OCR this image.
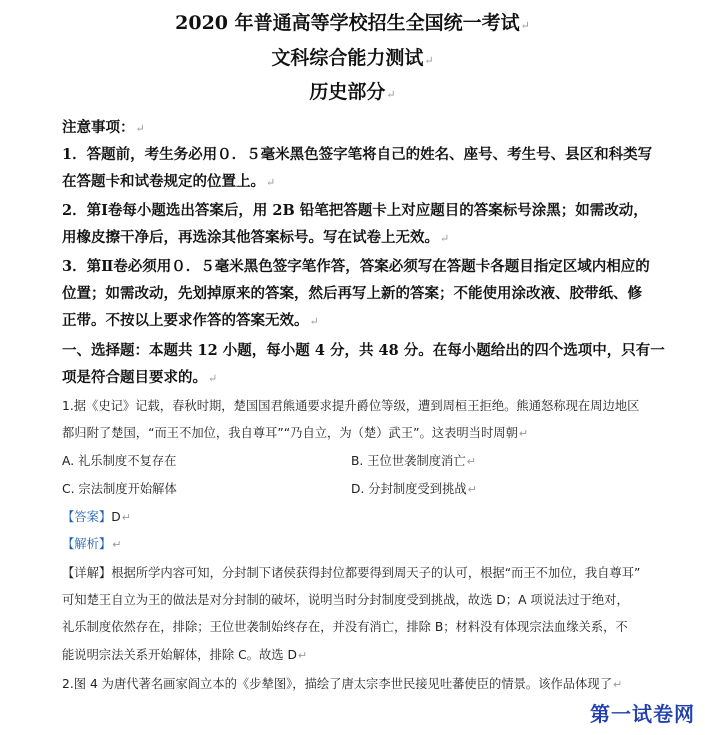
2020 年普通高等学校招生全国统一考试↵
文科综合能力测试↵
历史部分↵
注意事项：↵
1．答题前，考生务必用０．５毫米黑色签字笔将自己的姓名、座号、考生号、县区和科类写
在答题卡和试卷规定的位置上。↵
2．第Ⅰ卷每小题选出答案后，用 2B 铅笔把答题卡上对应题目的答案标号涂黑；如需改动，
用橡皮擦干净后，再选涂其他答案标号。写在试卷上无效。↵
3．第Ⅱ卷必须用０．５毫米黑色签字笔作答，答案必须写在答题卡各题目指定区域内相应的
位置；如需改动，先划掉原来的答案，然后再写上新的答案；不能使用涂改液、胶带纸、修
正带。不按以上要求作答的答案无效。↵
一、选择题：本题共 12 小题，每小题 4 分，共 48 分。在每小题给出的四个选项中，只有一
项是符合题目要求的。↵
1.据《史记》记载，春秋时期，楚国国君熊通要求提升爵位等级，遭到周桓王拒绝。熊通怒称现在周边地区
都归附了楚国，“而王不加位，我自尊耳”“乃自立，为（楚）武王”。这表明当时周朝↵
A. 礼乐制度不复存在	B. 王位世袭制度消亡↵
C. 宗法制度开始解体	D. 分封制度受到挑战↵
【答案】D↵
【解析】↵
【详解】根据所学内容可知，分封制下诸侯获得封位都要得到周天子的认可，根据“而王不加位，我自尊耳”
可知楚王自立为王的做法是对分封制的破坏，说明当时分封制度受到挑战，故选 D；A 项说法过于绝对，
礼乐制度依然存在，排除；王位世袭制始终存在，并没有消亡，排除 B；材料没有体现宗法血缘关系，不
能说明宗法关系开始解体，排除 C。故选 D↵
2.图 4 为唐代著名画家阎立本的《步辇图》，描绘了唐太宗李世民接见吐蕃使臣的情景。该作品体现了↵
第一试卷网
